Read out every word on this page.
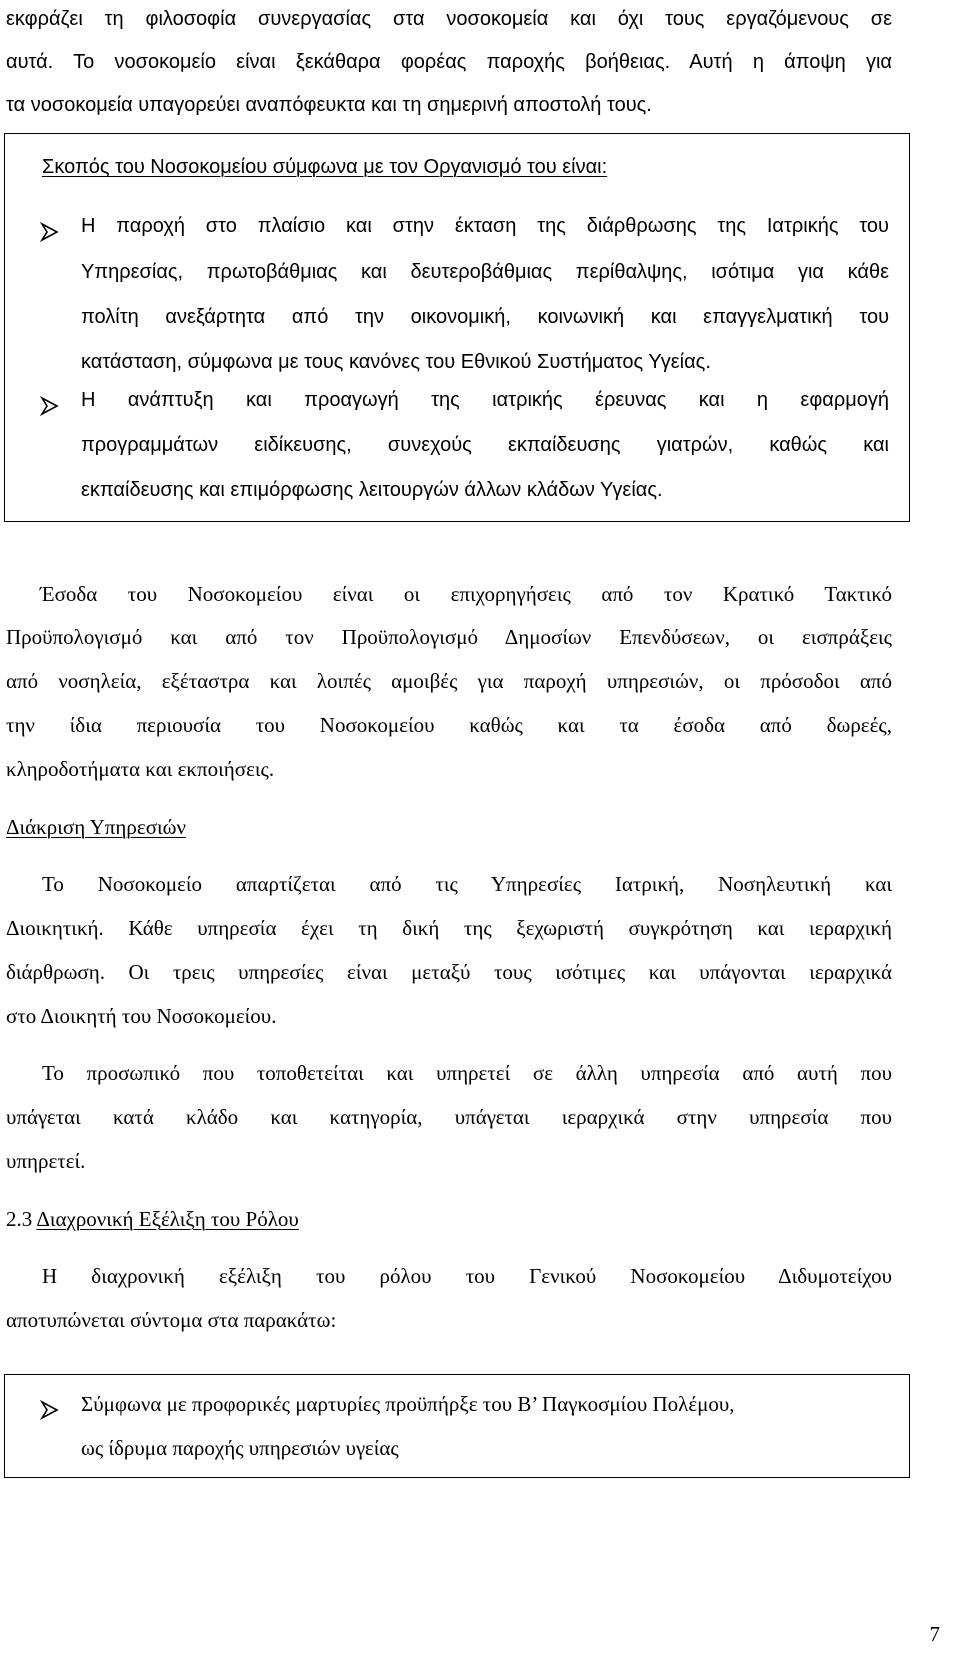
εκφράζει τη φιλοσοφία συνεργασίας στα νοσοκομεία και όχι τους εργαζόμενους σε
αυτά. Το νοσοκομείο είναι ξεκάθαρα φορέας παροχής βοήθειας. Αυτή η άποψη για
τα νοσοκομεία υπαγορεύει αναπόφευκτα και τη σημερινή αποστολή τους.
Σκοπός του Νοσοκομείου σύμφωνα με τον Οργανισμό του είναι:
Η παροχή στο πλαίσιο και στην έκταση της διάρθρωσης της Ιατρικής του
Υπηρεσίας, πρωτοβάθμιας και δευτεροβάθμιας περίθαλψης, ισότιμα για κάθε
πολίτη ανεξάρτητα από την οικονομική, κοινωνική και επαγγελματική του
κατάσταση, σύμφωνα με τους κανόνες του Εθνικού Συστήματος Υγείας.
Η ανάπτυξη και προαγωγή της ιατρικής έρευνας και η εφαρμογή
προγραμμάτων ειδίκευσης, συνεχούς εκπαίδευσης γιατρών, καθώς και
εκπαίδευσης και επιμόρφωσης λειτουργών άλλων κλάδων Υγείας.
Έσοδα του Νοσοκομείου είναι οι επιχορηγήσεις από τον Κρατικό Τακτικό
Προϋπολογισμό και από τον Προϋπολογισμό Δημοσίων Επενδύσεων, οι εισπράξεις
από νοσηλεία, εξέταστρα και λοιπές αμοιβές για παροχή υπηρεσιών, οι πρόσοδοι από
την ίδια περιουσία του Νοσοκομείου καθώς και τα έσοδα από δωρεές,
κληροδοτήματα και εκποιήσεις.
Διάκριση Υπηρεσιών
Το Νοσοκομείο απαρτίζεται από τις Υπηρεσίες Ιατρική, Νοσηλευτική και
Διοικητική. Κάθε υπηρεσία έχει τη δική της ξεχωριστή συγκρότηση και ιεραρχική
διάρθρωση. Οι τρεις υπηρεσίες είναι μεταξύ τους ισότιμες και υπάγονται ιεραρχικά
στο Διοικητή του Νοσοκομείου.
Το προσωπικό που τοποθετείται και υπηρετεί σε άλλη υπηρεσία από αυτή που
υπάγεται κατά κλάδο και κατηγορία, υπάγεται ιεραρχικά στην υπηρεσία που
υπηρετεί.
2.3 Διαχρονική Εξέλιξη του Ρόλου
Η διαχρονική εξέλιξη του ρόλου του Γενικού Νοσοκομείου Διδυμοτείχου
αποτυπώνεται σύντομα στα παρακάτω:
Σύμφωνα με προφορικές μαρτυρίες προϋπήρξε του Β’ Παγκοσμίου Πολέμου,
ως ίδρυμα παροχής υπηρεσιών υγείας
7
